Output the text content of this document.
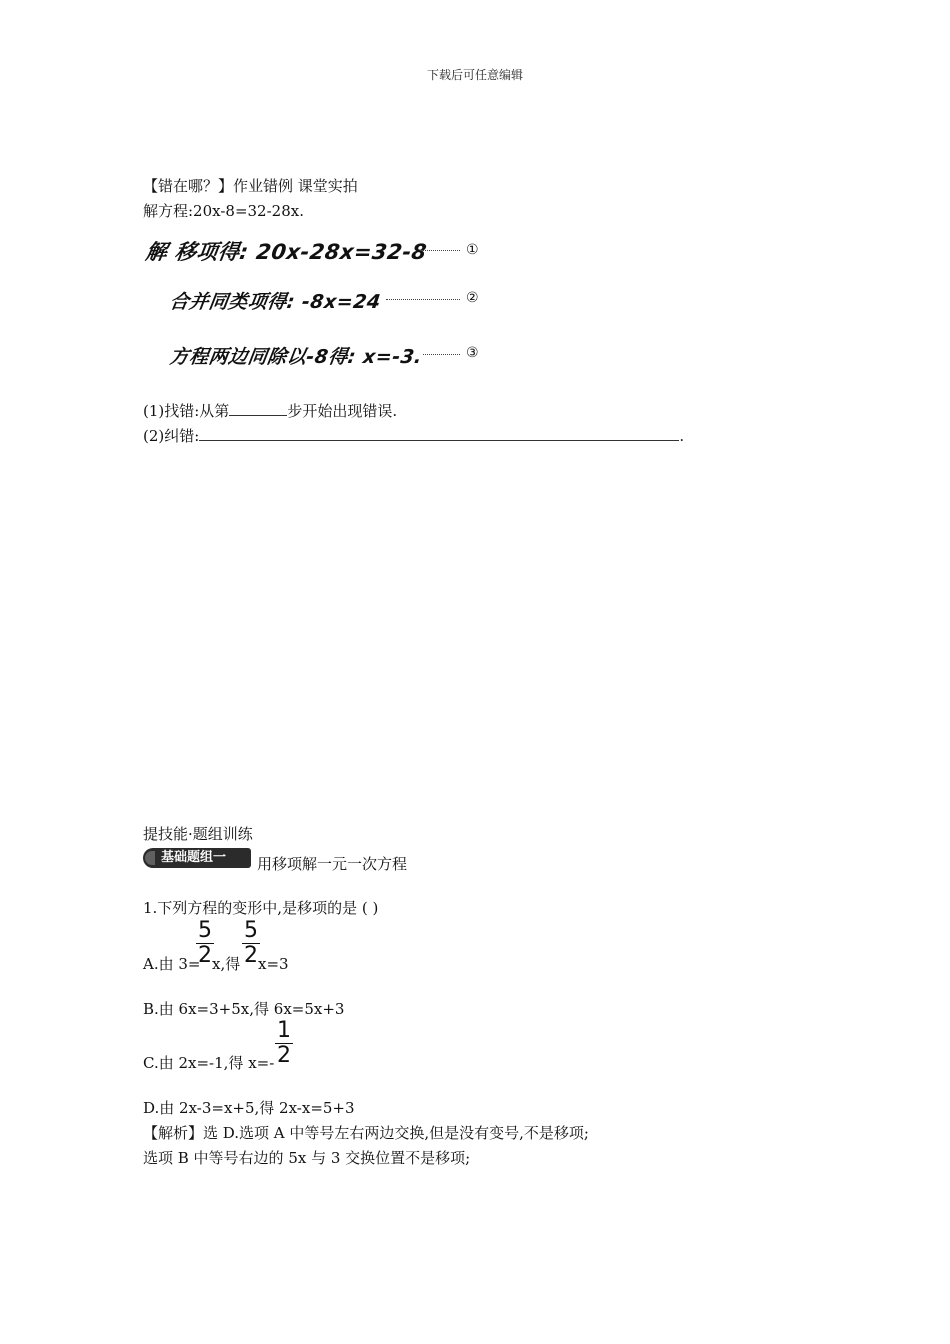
下载后可任意编辑
【错在哪？】作业错例 课堂实拍
解方程:20x-8=32-28x.
解 移项得: 20x-28x=32-8	①
合并同类项得: -8x=24	②
方程两边同除以-8得: x=-3.	③
(1)找错:从第	步开始出现错误.
(2)纠错:	.
提技能·题组训练
基础题组一	用移项解一元一次方程
1.下列方程的变形中,是移项的是 ( )
A.由 3=
5
2 x,得
5
2 x=3
B.由 6x=3+5x,得 6x=5x+3
C.由 2x=-1,得 x=-
1
2
D.由 2x-3=x+5,得 2x-x=5+3
【解析】选 D.选项 A 中等号左右两边交换,但是没有变号,不是移项;
选项 B 中等号右边的 5x 与 3 交换位置不是移项;
